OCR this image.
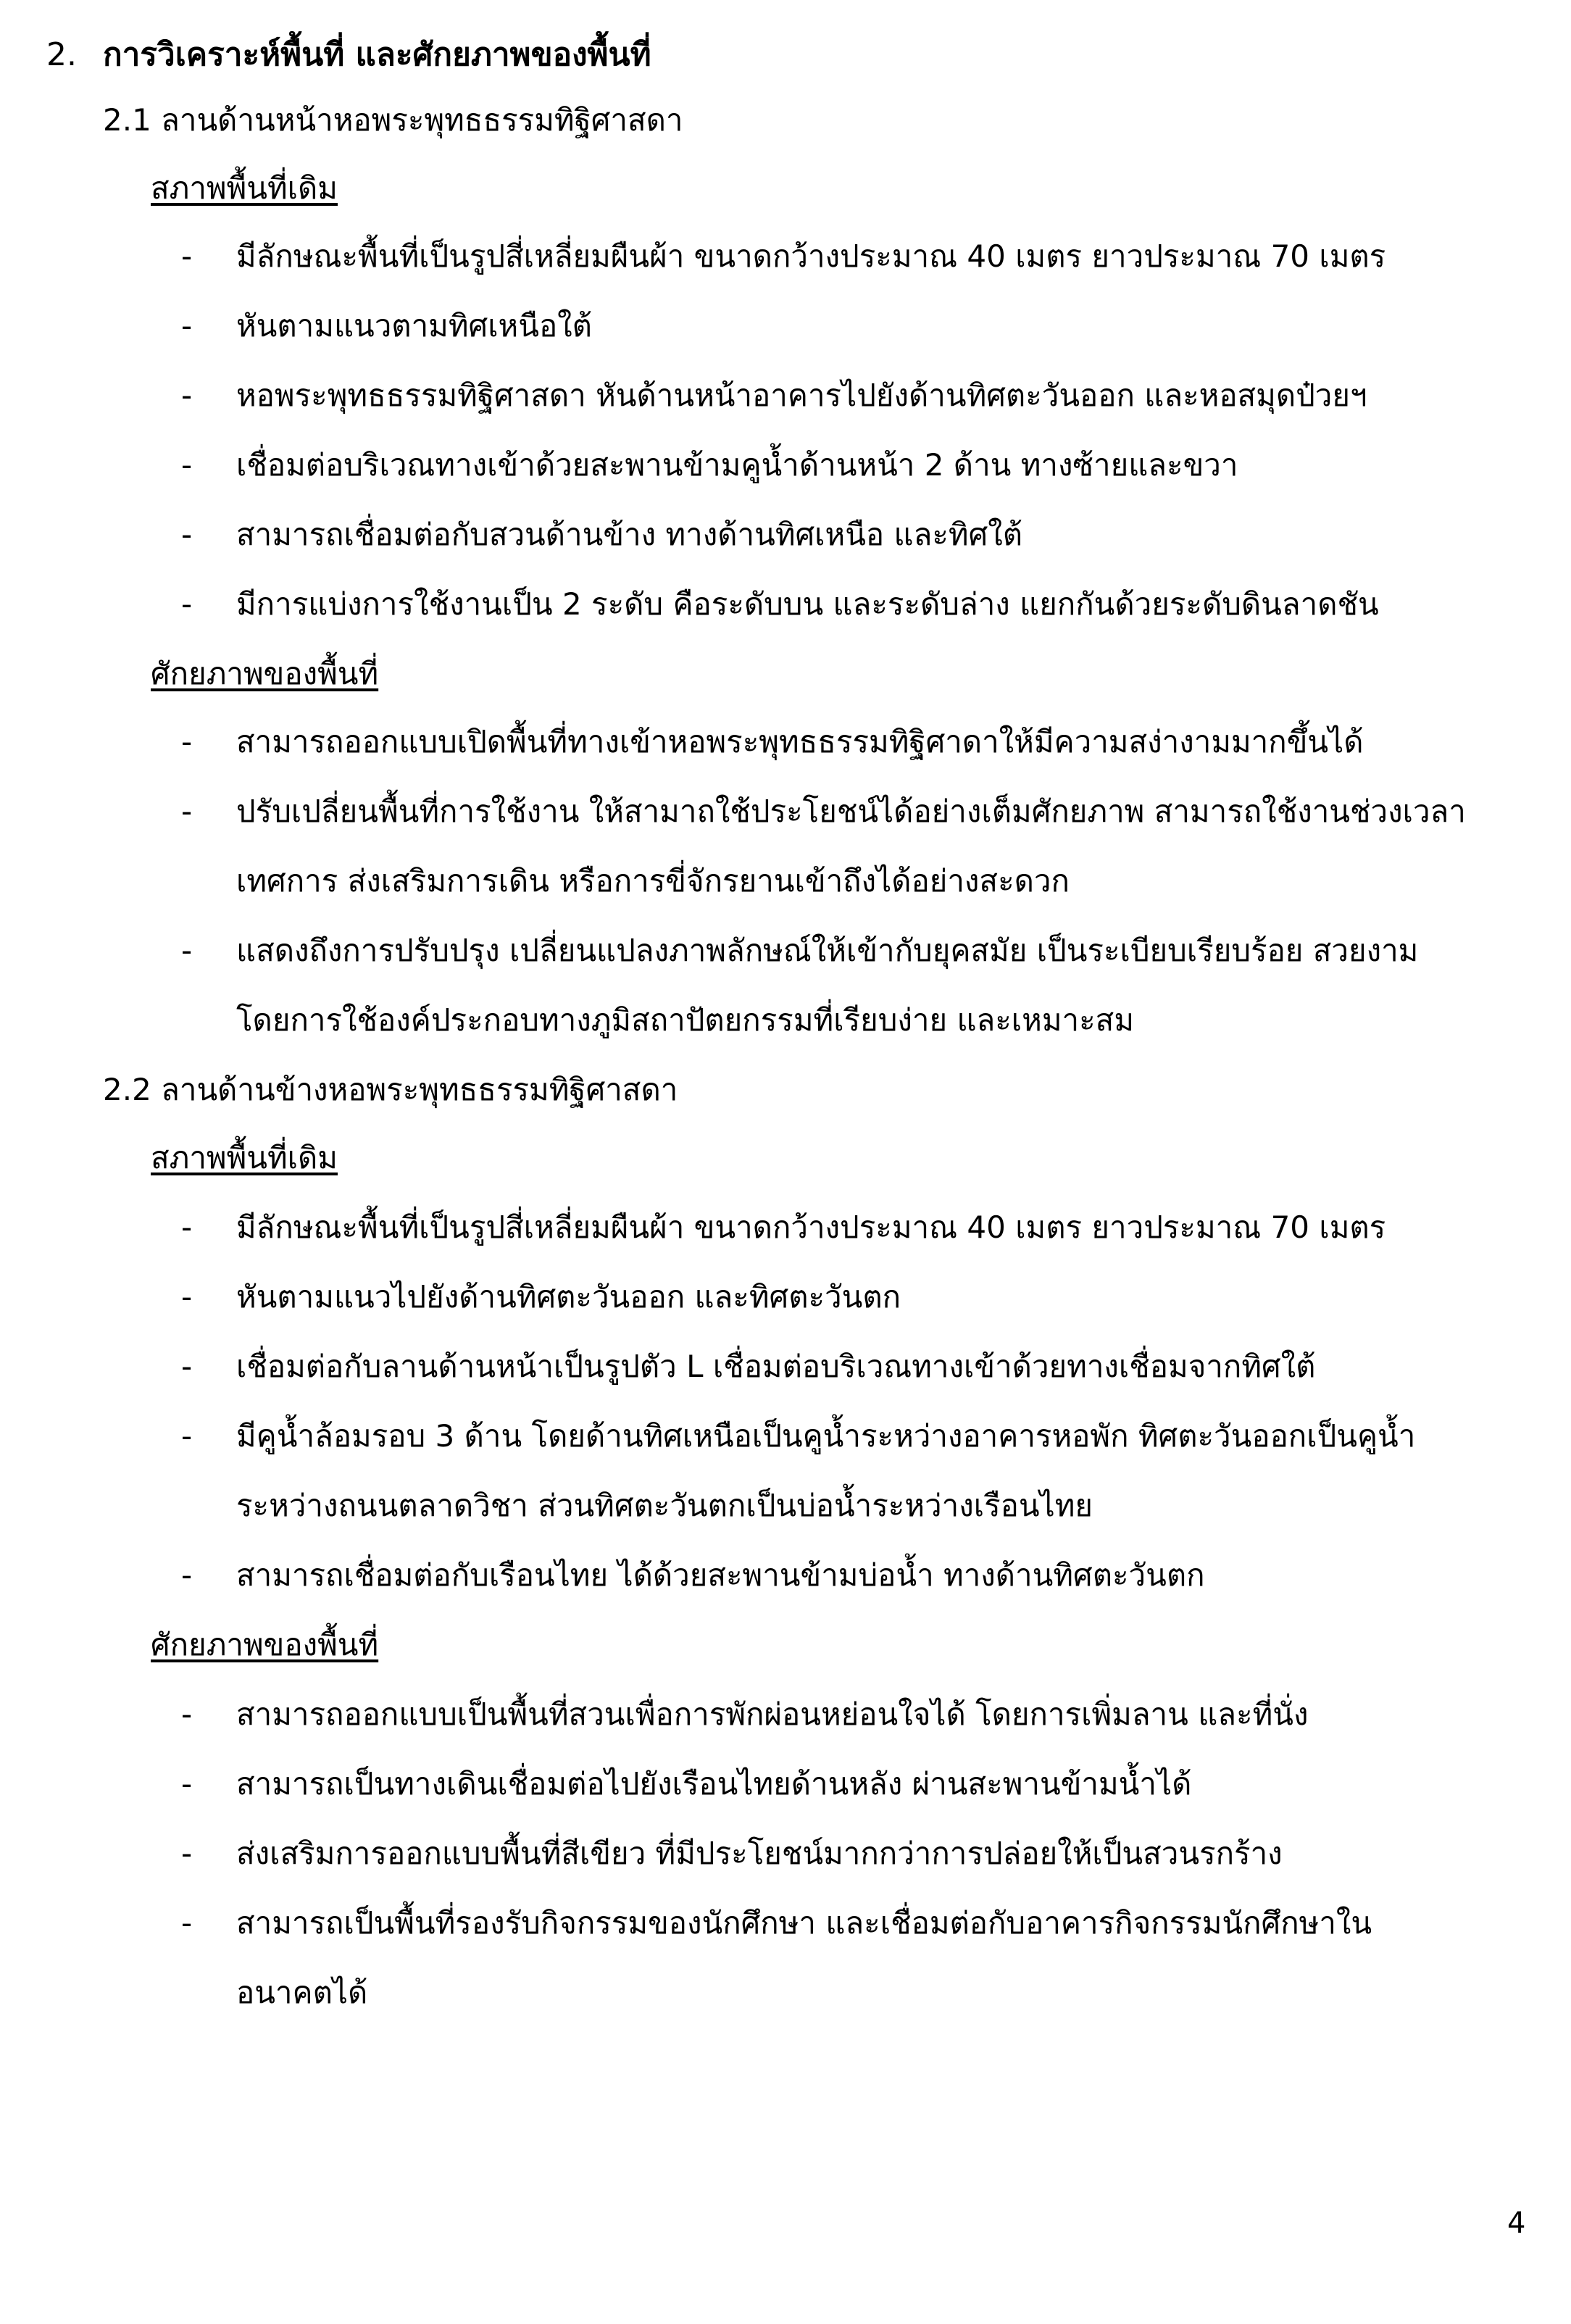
2. การวิเคราะห์พื้นที่ และศักยภาพของพื้นที่
2.1 ลานด้านหน้าหอพระพุทธธรรมทิฐิศาสดา
สภาพพื้นที่เดิม
- มีลักษณะพื้นที่เป็นรูปสี่เหลี่ยมผืนผ้า ขนาดกว้างประมาณ 40 เมตร ยาวประมาณ 70 เมตร
- หันตามแนวตามทิศเหนือใต้
- หอพระพุทธธรรมทิฐิศาสดา หันด้านหน้าอาคารไปยังด้านทิศตะวันออก และหอสมุดป๋วยฯ
- เชื่อมต่อบริเวณทางเข้าด้วยสะพานข้ามคูน้ำด้านหน้า 2 ด้าน ทางซ้ายและขวา
- สามารถเชื่อมต่อกับสวนด้านข้าง ทางด้านทิศเหนือ และทิศใต้
- มีการแบ่งการใช้งานเป็น 2 ระดับ คือระดับบน และระดับล่าง แยกกันด้วยระดับดินลาดชัน
ศักยภาพของพื้นที่
- สามารถออกแบบเปิดพื้นที่ทางเข้าหอพระพุทธธรรมทิฐิศาดาให้มีความสง่างามมากขึ้นได้
- ปรับเปลี่ยนพื้นที่การใช้งาน ให้สามาถใช้ประโยชน์ได้อย่างเต็มศักยภาพ สามารถใช้งานช่วงเวลา
เทศการ ส่งเสริมการเดิน หรือการขี่จักรยานเข้าถึงได้อย่างสะดวก
- แสดงถึงการปรับปรุง เปลี่ยนแปลงภาพลักษณ์ให้เข้ากับยุคสมัย เป็นระเบียบเรียบร้อย สวยงาม
โดยการใช้องค์ประกอบทางภูมิสถาปัตยกรรมที่เรียบง่าย และเหมาะสม
2.2 ลานด้านข้างหอพระพุทธธรรมทิฐิศาสดา
สภาพพื้นที่เดิม
- มีลักษณะพื้นที่เป็นรูปสี่เหลี่ยมผืนผ้า ขนาดกว้างประมาณ 40 เมตร ยาวประมาณ 70 เมตร
- หันตามแนวไปยังด้านทิศตะวันออก และทิศตะวันตก
- เชื่อมต่อกับลานด้านหน้าเป็นรูปตัว L เชื่อมต่อบริเวณทางเข้าด้วยทางเชื่อมจากทิศใต้
- มีคูน้ำล้อมรอบ 3 ด้าน โดยด้านทิศเหนือเป็นคูน้ำระหว่างอาคารหอพัก ทิศตะวันออกเป็นคูน้ำ
ระหว่างถนนตลาดวิชา ส่วนทิศตะวันตกเป็นบ่อน้ำระหว่างเรือนไทย
- สามารถเชื่อมต่อกับเรือนไทย ได้ด้วยสะพานข้ามบ่อน้ำ ทางด้านทิศตะวันตก
ศักยภาพของพื้นที่
- สามารถออกแบบเป็นพื้นที่สวนเพื่อการพักผ่อนหย่อนใจได้ โดยการเพิ่มลาน และที่นั่ง
- สามารถเป็นทางเดินเชื่อมต่อไปยังเรือนไทยด้านหลัง ผ่านสะพานข้ามน้ำได้
- ส่งเสริมการออกแบบพื้นที่สีเขียว ที่มีประโยชน์มากกว่าการปล่อยให้เป็นสวนรกร้าง
- สามารถเป็นพื้นที่รองรับกิจกรรมของนักศึกษา และเชื่อมต่อกับอาคารกิจกรรมนักศึกษาใน
อนาคตได้
4
